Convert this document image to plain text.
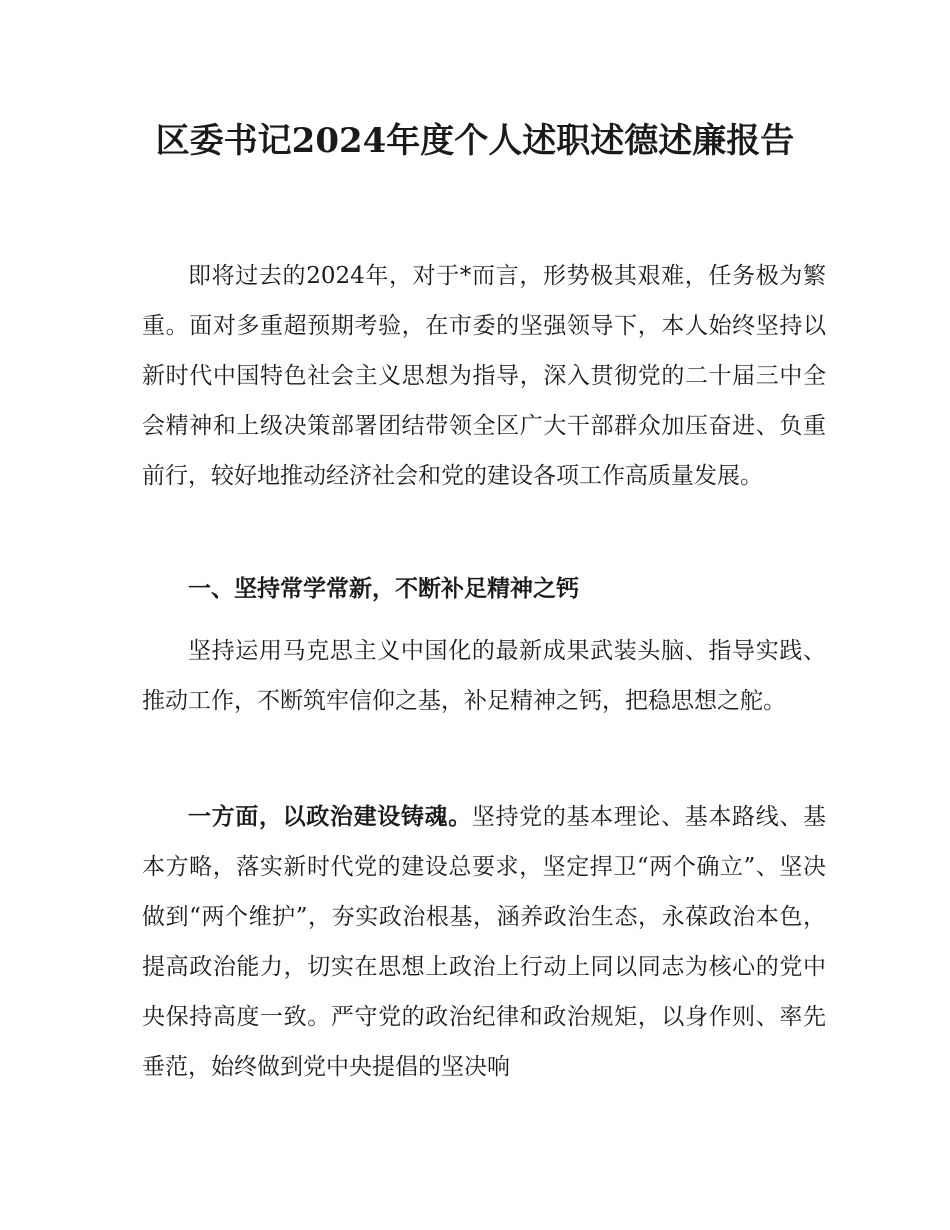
区委书记2024年度个人述职述德述廉报告

即将过去的2024年，对于*而言，形势极其艰难，任务极为繁重。面对多重超预期考验，在市委的坚强领导下，本人始终坚持以新时代中国特色社会主义思想为指导，深入贯彻党的二十届三中全会精神和上级决策部署团结带领全区广大干部群众加压奋进、负重前行，较好地推动经济社会和党的建设各项工作高质量发展。

一、坚持常学常新，不断补足精神之钙

坚持运用马克思主义中国化的最新成果武装头脑、指导实践、推动工作，不断筑牢信仰之基，补足精神之钙，把稳思想之舵。

一方面，以政治建设铸魂。坚持党的基本理论、基本路线、基本方略，落实新时代党的建设总要求，坚定捍卫“两个确立”、坚决做到“两个维护”，夯实政治根基，涵养政治生态，永葆政治本色，提高政治能力，切实在思想上政治上行动上同以同志为核心的党中央保持高度一致。严守党的政治纪律和政治规矩，以身作则、率先垂范，始终做到党中央提倡的坚决响
